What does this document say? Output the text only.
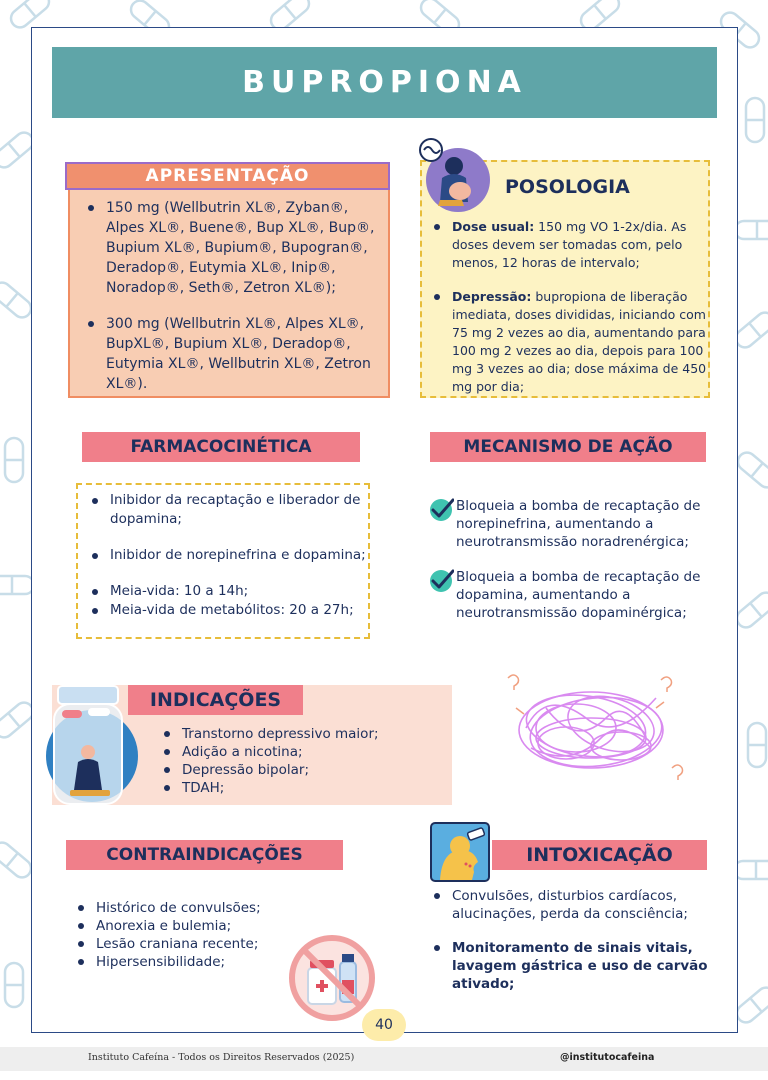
BUPROPIONA
APRESENTAÇÃO
150 mg (Wellbutrin XL®, Zyban®, Alpes XL®, Buene®, Bup XL®, Bup®, Bupium XL®, Bupium®, Bupogran®, Deradop®, Eutymia XL®, Inip®, Noradop®, Seth®, Zetron XL®);
300 mg (Wellbutrin XL®, Alpes XL®, BupXL®, Bupium XL®, Deradop®, Eutymia XL®, Wellbutrin XL®, Zetron XL®).
POSOLOGIA
Dose usual: 150 mg VO 1-2x/dia. As doses devem ser tomadas com, pelo menos, 12 horas de intervalo;
Depressão: bupropiona de liberação imediata, doses divididas, iniciando com 75 mg 2 vezes ao dia, aumentando para 100 mg 2 vezes ao dia, depois para 100 mg 3 vezes ao dia; dose máxima de 450 mg por dia;
FARMACOCINÉTICA
Inibidor da recaptação e liberador de dopamina;
Inibidor de norepinefrina e dopamina;
Meia-vida: 10 a 14h;
Meia-vida de metabólitos: 20 a 27h;
MECANISMO DE AÇÃO
Bloqueia a bomba de recaptação de norepinefrina, aumentando a neurotransmissão noradrenérgica;
Bloqueia a bomba de recaptação de dopamina, aumentando a neurotransmissão dopaminérgica;
INDICAÇÕES
Transtorno depressivo maior;
Adição a nicotina;
Depressão bipolar;
TDAH;
CONTRAINDICAÇÕES
Histórico de convulsões;
Anorexia e bulemia;
Lesão craniana recente;
Hipersensibilidade;
INTOXICAÇÃO
Convulsões, disturbios cardíacos, alucinações, perda da consciência;
Monitoramento de sinais vitais, lavagem gástrica e uso de carvão ativado;
40
Instituto Cafeína - Todos os Direitos Reservados (2025)	@institutocafeina
